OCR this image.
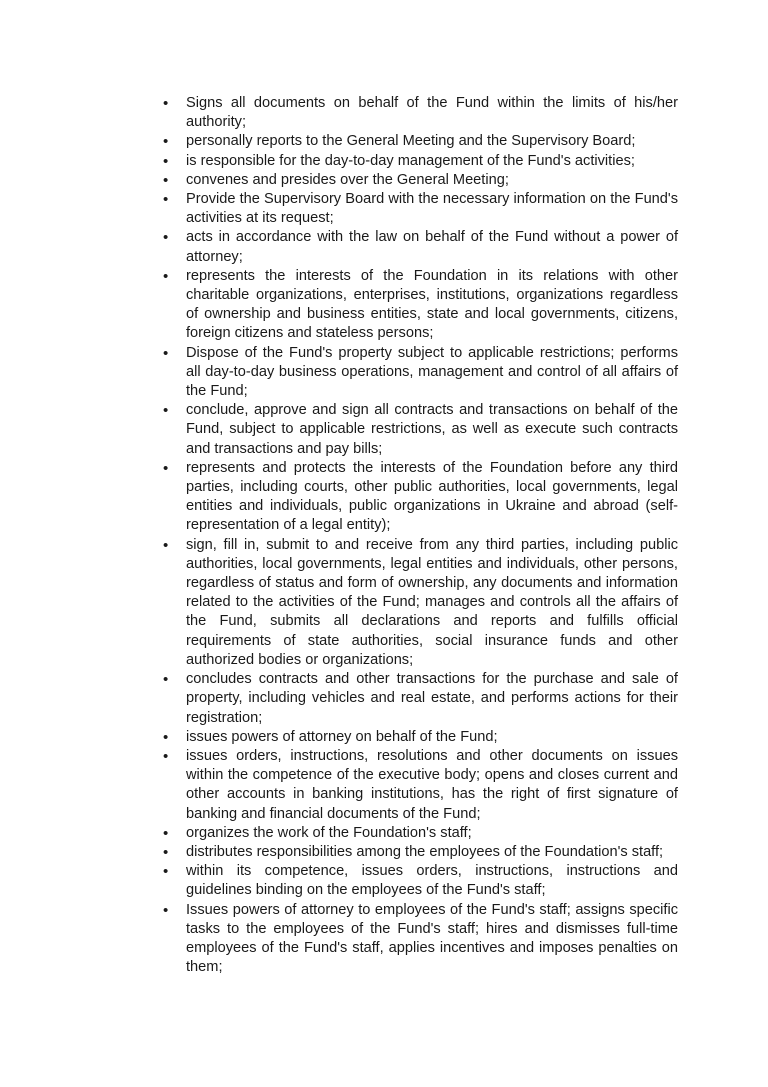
• Signs all documents on behalf of the Fund within the limits of his/her authority;
• personally reports to the General Meeting and the Supervisory Board;
• is responsible for the day-to-day management of the Fund's activities;
• convenes and presides over the General Meeting;
• Provide the Supervisory Board with the necessary information on the Fund's activities at its request;
• acts in accordance with the law on behalf of the Fund without a power of attorney;
• represents the interests of the Foundation in its relations with other charitable organizations, enterprises, institutions, organizations regardless of ownership and business entities, state and local governments, citizens, foreign citizens and stateless persons;
• Dispose of the Fund's property subject to applicable restrictions; performs all day-to-day business operations, management and control of all affairs of the Fund;
• conclude, approve and sign all contracts and transactions on behalf of the Fund, subject to applicable restrictions, as well as execute such contracts and transactions and pay bills;
• represents and protects the interests of the Foundation before any third parties, including courts, other public authorities, local governments, legal entities and individuals, public organizations in Ukraine and abroad (self-representation of a legal entity);
• sign, fill in, submit to and receive from any third parties, including public authorities, local governments, legal entities and individuals, other persons, regardless of status and form of ownership, any documents and information related to the activities of the Fund; manages and controls all the affairs of the Fund, submits all declarations and reports and fulfills official requirements of state authorities, social insurance funds and other authorized bodies or organizations;
• concludes contracts and other transactions for the purchase and sale of property, including vehicles and real estate, and performs actions for their registration;
• issues powers of attorney on behalf of the Fund;
• issues orders, instructions, resolutions and other documents on issues within the competence of the executive body; opens and closes current and other accounts in banking institutions, has the right of first signature of banking and financial documents of the Fund;
• organizes the work of the Foundation's staff;
• distributes responsibilities among the employees of the Foundation's staff;
• within its competence, issues orders, instructions, instructions and guidelines binding on the employees of the Fund's staff;
• Issues powers of attorney to employees of the Fund's staff; assigns specific tasks to the employees of the Fund's staff; hires and dismisses full-time employees of the Fund's staff, applies incentives and imposes penalties on them;
